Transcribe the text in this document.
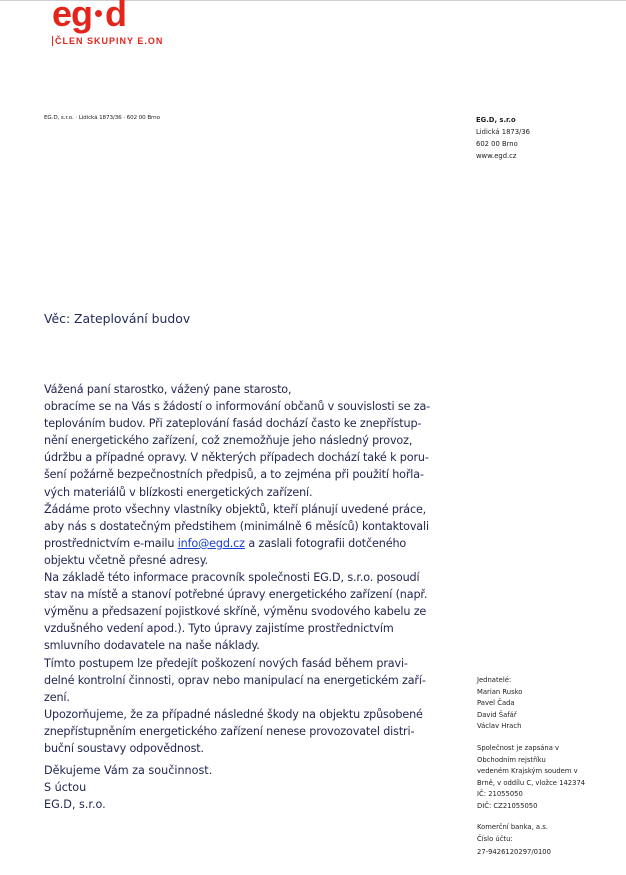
eg d
ČLEN SKUPINY E.ON
EG.D, s.r.o. · Lidická 1873/36 · 602 00 Brno	EG.D, s.r.o
Lidická 1873/36
602 00 Brno
www.egd.cz
Věc: Zateplování budov
Vážená paní starostko, vážený pane starosto,
obracíme se na Vás s žádostí o informování občanů v souvislosti se za-
teplováním budov. Při zateplování fasád dochází často ke znepřístup-
nění energetického zařízení, což znemožňuje jeho následný provoz,
údržbu a případné opravy. V některých případech dochází také k poru-
šení požárně bezpečnostních předpisů, a to zejména při použití hořla-
vých materiálů v blízkosti energetických zařízení.
Žádáme proto všechny vlastníky objektů, kteří plánují uvedené práce,
aby nás s dostatečným předstihem (minimálně 6 měsíců) kontaktovali
prostřednictvím e-mailu info@egd.cz a zaslali fotografii dotčeného
objektu včetně přesné adresy.
Na základě této informace pracovník společnosti EG.D, s.r.o. posoudí
stav na místě a stanoví potřebné úpravy energetického zařízení (např.
výměnu a předsazení pojistkové skříně, výměnu svodového kabelu ze
vzdušného vedení apod.). Tyto úpravy zajistíme prostřednictvím
smluvního dodavatele na naše náklady.
Tímto postupem lze předejít poškození nových fasád během pravi-
delné kontrolní činnosti, oprav nebo manipulací na energetickém zaří-
zení.
Upozorňujeme, že za případné následné škody na objektu způsobené
znepřístupněním energetického zařízení nenese provozovatel distri-
buční soustavy odpovědnost.
Děkujeme Vám za součinnost.
S úctou
EG.D, s.r.o.
Jednatelé:
Marian Rusko
Pavel Čada
David Šafář
Václav Hrach
Společnost je zapsána v
Obchodním rejstříku
vedeném Krajským soudem v
Brně, v oddílu C, vložce 142374
IČ: 21055050
DIČ: CZ21055050
Komerční banka, a.s.
Číslo účtu:
27-9426120297/0100
